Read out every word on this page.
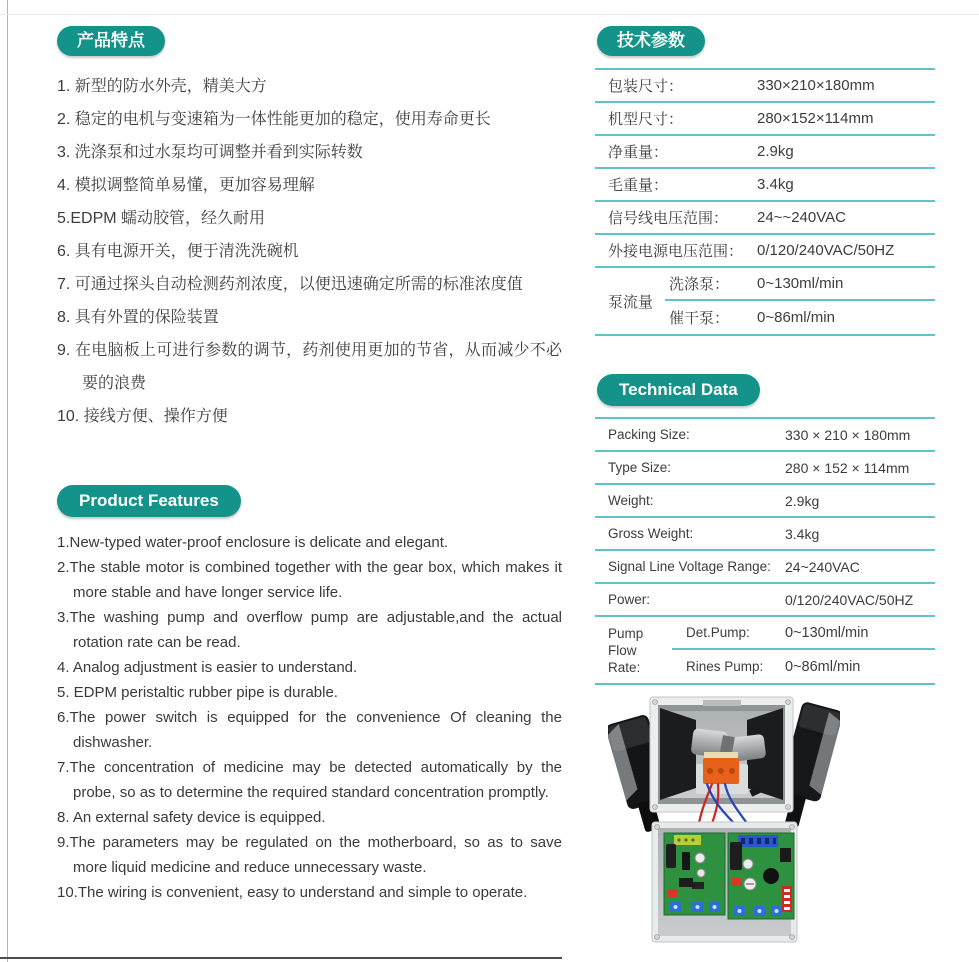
产品特点
1. 新型的防水外壳，精美大方
2. 稳定的电机与变速箱为一体性能更加的稳定，使用寿命更长
3. 洗涤泵和过水泵均可调整并看到实际转数
4. 模拟调整简单易懂，更加容易理解
5.EDPM 蠕动胶管，经久耐用
6. 具有电源开关，便于清洗洗碗机
7. 可通过探头自动检测药剂浓度，以便迅速确定所需的标准浓度值
8. 具有外置的保险装置
9. 在电脑板上可进行参数的调节，药剂使用更加的节省，从而减少不必要的浪费
10. 接线方便、操作方便
Product Features
1.New-typed water-proof enclosure is delicate and elegant.
2.The stable motor is combined together with the gear box, which makes it more stable and have longer service life.
3.The washing pump and overflow pump are adjustable,and the actual rotation rate can be read.
4. Analog adjustment is easier to understand.
5. EDPM peristaltic rubber pipe is durable.
6.The power switch is equipped for the convenience Of cleaning the dishwasher.
7.The concentration of medicine may be detected automatically by the probe, so as to determine the required standard concentration promptly.
8. An external safety device is equipped.
9.The parameters may be regulated on the motherboard, so as to save more liquid medicine and reduce unnecessary waste.
10.The wiring is convenient, easy to understand and simple to operate.
技术参数
包装尺寸：	330×210×180mm
机型尺寸：	280×152×114mm
净重量：	2.9kg
毛重量：	3.4kg
信号线电压范围：	24~~240VAC
外接电源电压范围： 0/120/240VAC/50HZ
泵流量
洗涤泵：	0~130ml/min
催干泵：	0~86ml/min
Technical Data
Packing Size:	330 × 210 × 180mm
Type Size:	280 × 152 × 114mm
Weight:	2.9kg
Gross Weight:	3.4kg
Signal Line Voltage Range:	24~240VAC
Power:	0/120/240VAC/50HZ
Pump
Flow Rate:
Det.Pump:	0~130ml/min
Rines Pump:	0~86ml/min
